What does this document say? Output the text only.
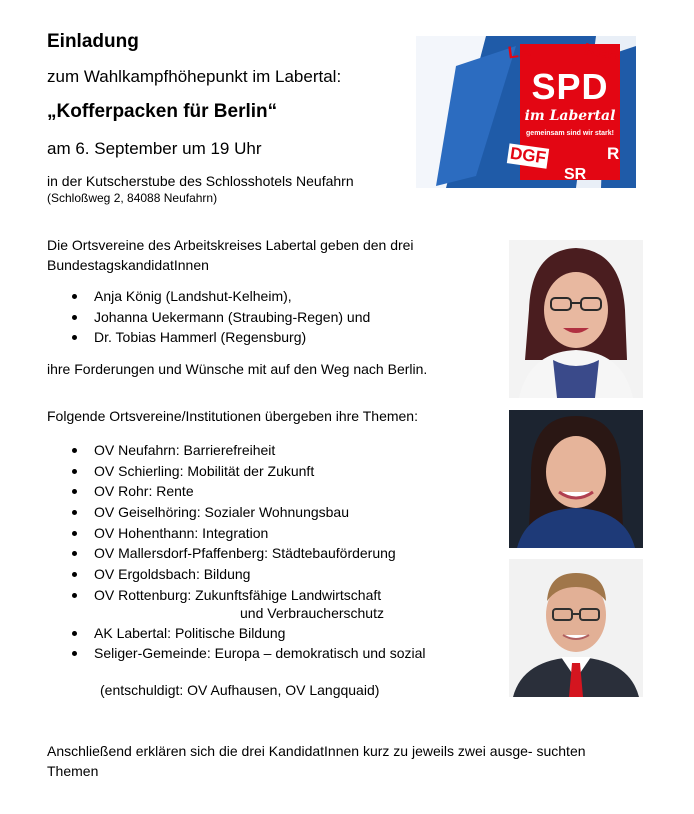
Einladung
zum Wahlkampfhöhepunkt im Labertal:
„Kofferpacken für Berlin“
am 6. September um 19 Uhr
in der Kutscherstube des Schlosshotels Neufahrn
(Schloßweg 2, 84088 Neufahrn)
LA	KEH
SPD
im Labertal
gemeinsam sind wir stark!
DGF	R
SR
Die Ortsvereine des Arbeitskreises Labertal geben den drei
BundestagskandidatInnen
Anja König (Landshut-Kelheim),
Johanna Uekermann (Straubing-Regen) und
Dr. Tobias Hammerl (Regensburg)
ihre Forderungen und Wünsche mit auf den Weg nach Berlin.
Folgende Ortsvereine/Institutionen übergeben ihre Themen:
OV Neufahrn: Barrierefreiheit
OV Schierling: Mobilität der Zukunft
OV Rohr: Rente
OV Geiselhöring: Sozialer Wohnungsbau
OV Hohenthann: Integration
OV Mallersdorf-Pfaffenberg: Städtebauförderung
OV Ergoldsbach: Bildung
OV Rottenburg: Zukunftsfähige Landwirtschaft
und Verbraucherschutz
AK Labertal: Politische Bildung
Seliger-Gemeinde: Europa – demokratisch und sozial
(entschuldigt: OV Aufhausen, OV Langquaid)
Anschließend erklären sich die drei KandidatInnen kurz zu jeweils zwei ausge- suchten Themen
